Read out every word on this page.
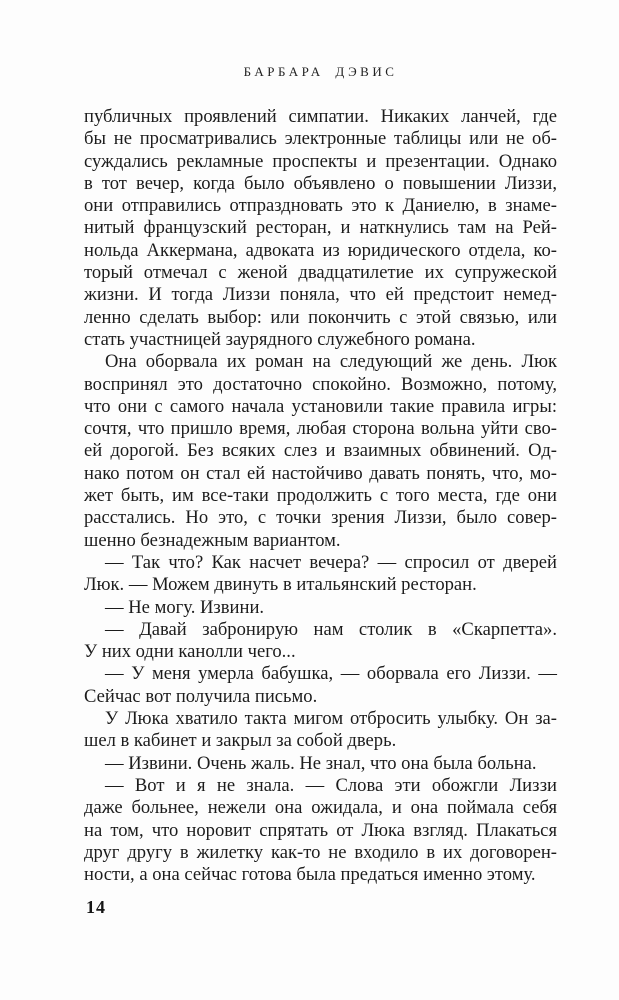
БАРБАРА ДЭВИС

публичных проявлений симпатии. Никаких ланчей, где
бы не просматривались электронные таблицы или не об-
суждались рекламные проспекты и презентации. Однако
в тот вечер, когда было объявлено о повышении Лиззи,
они отправились отпраздновать это к Даниелю, в знаме-
нитый французский ресторан, и наткнулись там на Рей-
нольда Аккермана, адвоката из юридического отдела, ко-
торый отмечал с женой двадцатилетие их супружеской
жизни. И тогда Лиззи поняла, что ей предстоит немед-
ленно сделать выбор: или покончить с этой связью, или
стать участницей заурядного служебного романа.

Она оборвала их роман на следующий же день. Люк
воспринял это достаточно спокойно. Возможно, потому,
что они с самого начала установили такие правила игры:
сочтя, что пришло время, любая сторона вольна уйти сво-
ей дорогой. Без всяких слез и взаимных обвинений. Од-
нако потом он стал ей настойчиво давать понять, что, мо-
жет быть, им все-таки продолжить с того места, где они
расстались. Но это, с точки зрения Лиззи, было совер-
шенно безнадежным вариантом.

— Так что? Как насчет вечера? — спросил от дверей
Люк. — Можем двинуть в итальянский ресторан.

— Не могу. Извини.

— Давай забронирую нам столик в «Скарпетта».
У них одни канолли чего...

— У меня умерла бабушка, — оборвала его Лиззи. —
Сейчас вот получила письмо.

У Люка хватило такта мигом отбросить улыбку. Он за-
шел в кабинет и закрыл за собой дверь.

— Извини. Очень жаль. Не знал, что она была больна.

— Вот и я не знала. — Слова эти обожгли Лиззи
даже больнее, нежели она ожидала, и она поймала себя
на том, что норовит спрятать от Люка взгляд. Плакаться
друг другу в жилетку как-то не входило в их договорен-
ности, а она сейчас готова была предаться именно этому.

14
